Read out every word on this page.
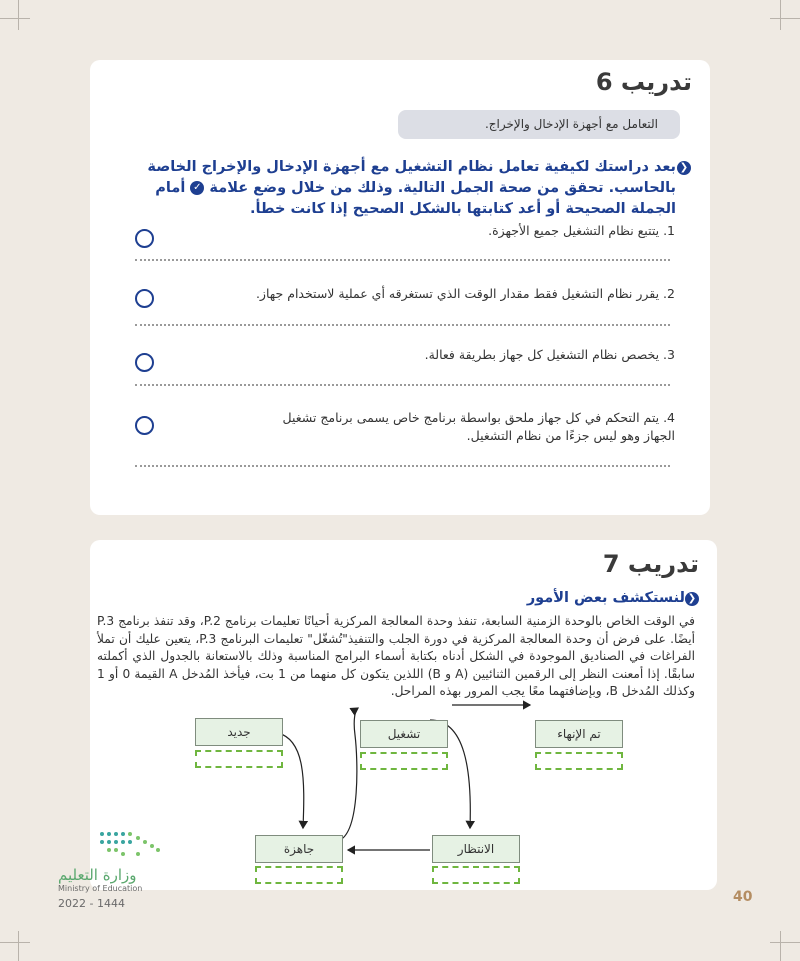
تدريب 6
التعامل مع أجهزة الإدخال والإخراج.
❮

بعد دراستك لكيفية تعامل نظام التشغيل مع أجهزة الإدخال والإخراج الخاصة بالحاسب. تحقق من صحة الجمل التالية. وذلك من خلال وضع علامة ✓ أمام الجملة الصحيحة أو أعد كتابتها بالشكل الصحيح إذا كانت خطأ.

1. يتتبع نظام التشغيل جميع الأجهزة.
2. يقرر نظام التشغيل فقط مقدار الوقت الذي تستغرقه أي عملية لاستخدام جهاز.
3. يخصص نظام التشغيل كل جهاز بطريقة فعالة.
4. يتم التحكم في كل جهاز ملحق بواسطة برنامج خاص يسمى برنامج تشغيل الجهاز وهو ليس جزءًا من نظام التشغيل.
تدريب 7
❮
لنستكشف بعض الأمور

في الوقت الخاص بالوحدة الزمنية السابعة، تنفذ وحدة المعالجة المركزية أحيانًا تعليمات برنامج P.2، وقد تنفذ برنامج P.3 أيضًا. على فرض أن وحدة المعالجة المركزية في دورة الجلب والتنفيذ"تُشغّل" تعليمات البرنامج P.3، يتعين عليك أن تملأ الفراغات في الصناديق الموجودة في الشكل أدناه بكتابة أسماء البرامج المناسبة وذلك بالاستعانة بالجدول الذي أكملته سابقًا. إذا أمعنت النظر إلى الرقمين الثنائيين (A و B) اللذين يتكون كل منهما من 1 بت، فيأخذ المُدخل A القيمة 0 أو 1 وكذلك المُدخل B، وبإضافتهما معًا يجب المرور بهذه المراحل.

جديد	تشغيل	تم الإنهاء
جاهزة	الانتظار
وزارة التعليم
Ministry of Education
2022 - 1444	40
